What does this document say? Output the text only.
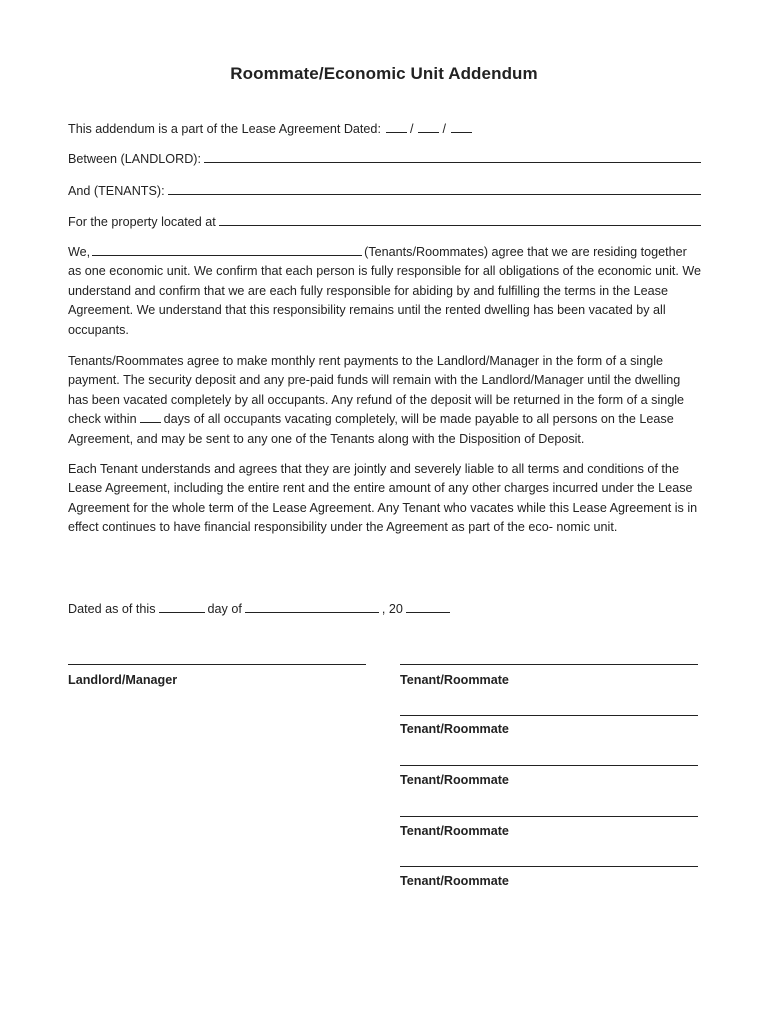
Roommate/Economic Unit Addendum
This addendum is a part of the Lease Agreement Dated: / /
Between (LANDLORD):
And (TENANTS):
For the property located at

We,	(Tenants/Roommates) agree that we are residing together as one economic unit. We confirm that each person is fully responsible for all obligations of the economic unit. We understand and confirm that we are each fully responsible for abiding by and fulfilling the terms in the Lease Agreement. We understand that this responsibility remains until the rented dwelling has been vacated by all occupants.

Tenants/Roommates agree to make monthly rent payments to the Landlord/Manager in the form of a single payment. The security deposit and any pre-paid funds will remain with the Landlord/Manager until the dwelling has been vacated completely by all occupants. Any refund of the deposit will be returned in the form of a single check within days of all occupants vacating completely, will be made payable to all persons on the Lease Agreement, and may be sent to any one of the Tenants along with the Disposition of Deposit.

Each Tenant understands and agrees that they are jointly and severely liable to all terms and conditions of the Lease Agreement, including the entire rent and the entire amount of any other charges incurred under the Lease Agreement for the whole term of the Lease Agreement. Any Tenant who vacates while this Lease Agreement is in effect continues to have financial responsibility under the Agreement as part of the eco- nomic unit.

Dated as of this	day of	, 20
Landlord/Manager	Tenant/Roommate
Tenant/Roommate
Tenant/Roommate
Tenant/Roommate
Tenant/Roommate
